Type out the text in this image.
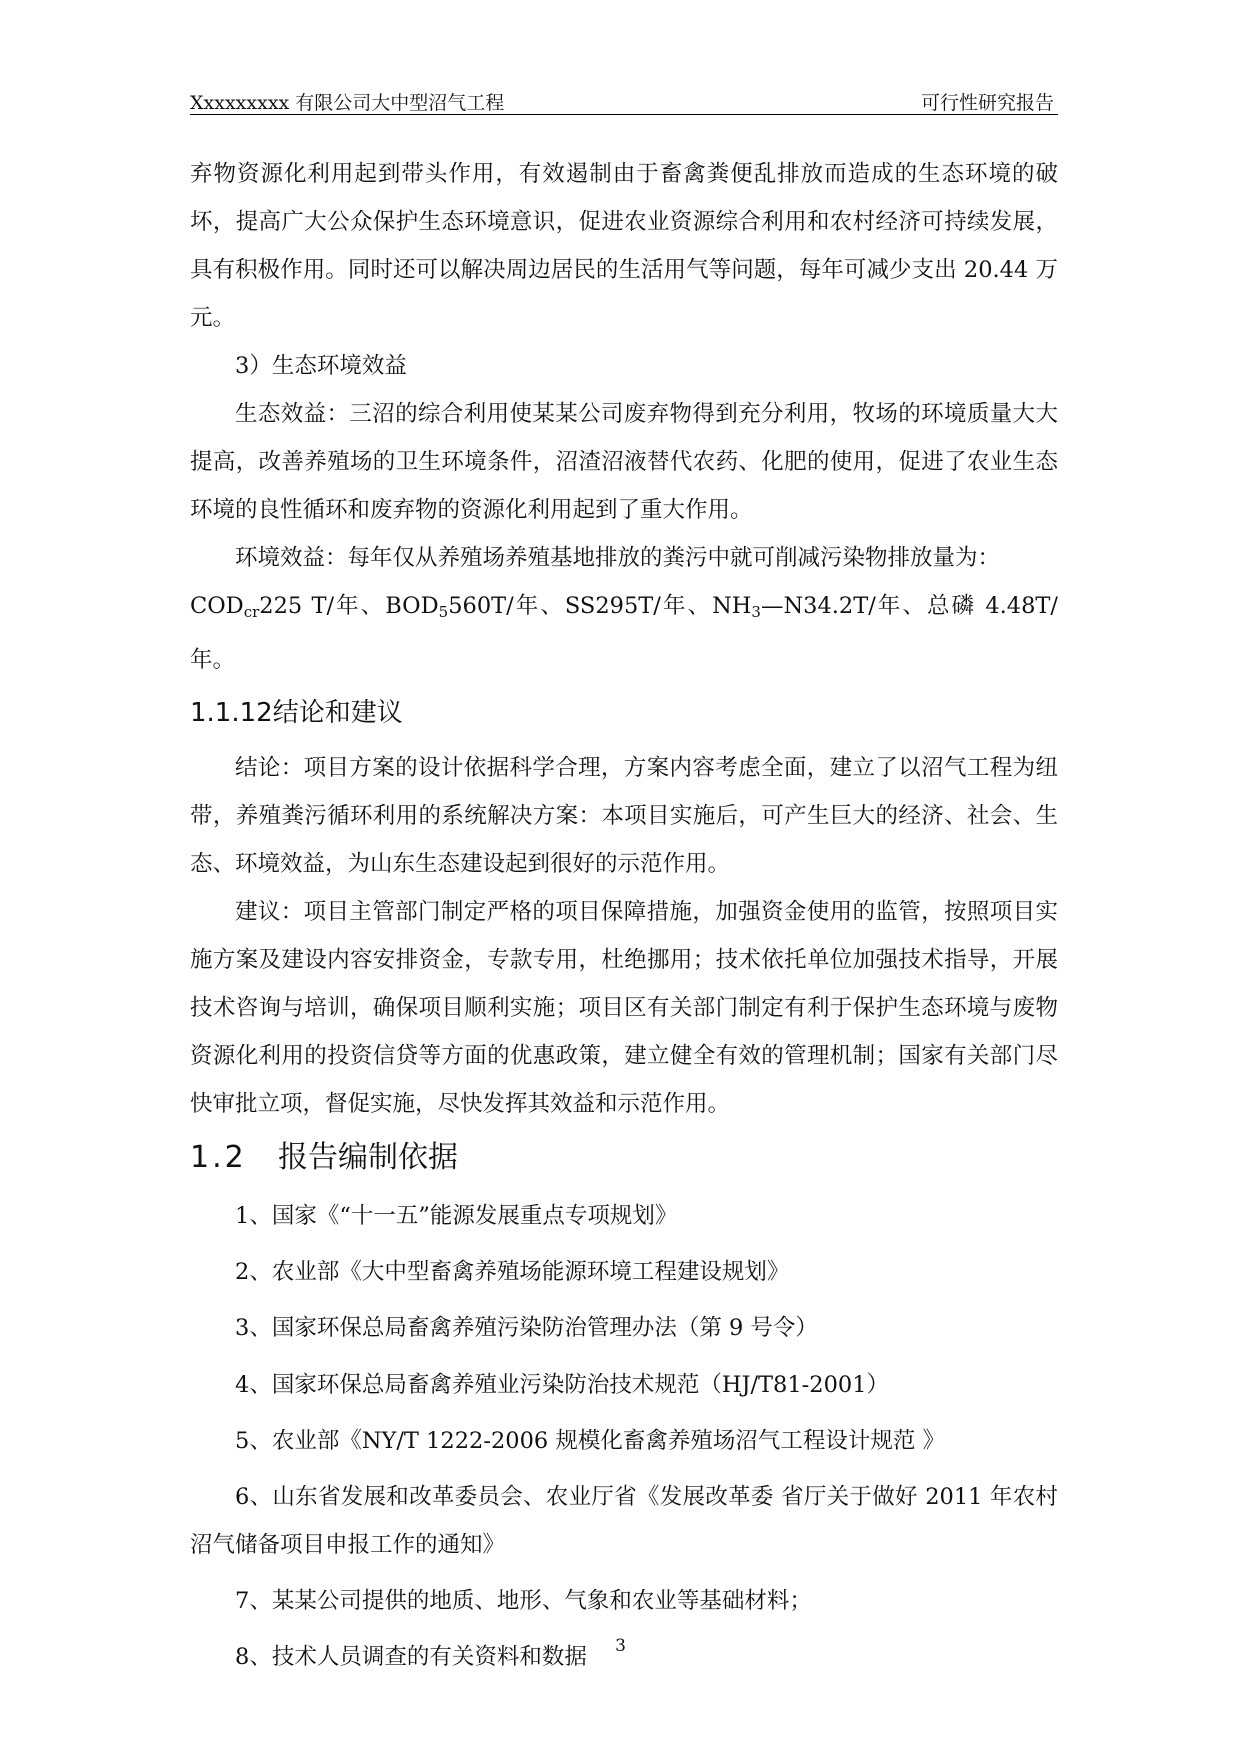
Xxxxxxxxx 有限公司大中型沼气工程	可行性研究报告

弃物资源化利用起到带头作用，有效遏制由于畜禽粪便乱排放而造成的生态环境的破坏，提高广大公众保护生态环境意识，促进农业资源综合利用和农村经济可持续发展，具有积极作用。同时还可以解决周边居民的生活用气等问题，每年可减少支出 20.44 万元。

3）生态环境效益

生态效益：三沼的综合利用使某某公司废弃物得到充分利用，牧场的环境质量大大提高，改善养殖场的卫生环境条件，沼渣沼液替代农药、化肥的使用，促进了农业生态环境的良性循环和废弃物的资源化利用起到了重大作用。

环境效益：每年仅从养殖场养殖基地排放的粪污中就可削减污染物排放量为：

$COD_{cr}225$ T/年、$BOD_5560T/$年、SS295T/年、$NH_3—N34.2T/$年、总磷 4.48T/年。

1.1.12结论和建议

结论：项目方案的设计依据科学合理，方案内容考虑全面，建立了以沼气工程为纽带，养殖粪污循环利用的系统解决方案：本项目实施后，可产生巨大的经济、社会、生态、环境效益，为山东生态建设起到很好的示范作用。

建议：项目主管部门制定严格的项目保障措施，加强资金使用的监管，按照项目实施方案及建设内容安排资金，专款专用，杜绝挪用；技术依托单位加强技术指导，开展技术咨询与培训，确保项目顺利实施；项目区有关部门制定有利于保护生态环境与废物资源化利用的投资信贷等方面的优惠政策，建立健全有效的管理机制；国家有关部门尽快审批立项，督促实施，尽快发挥其效益和示范作用。

1.2 报告编制依据

1、国家《“十一五”能源发展重点专项规划》

2、农业部《大中型畜禽养殖场能源环境工程建设规划》

3、国家环保总局畜禽养殖污染防治管理办法（第 9 号令）

4、国家环保总局畜禽养殖业污染防治技术规范（HJ/T81-2001）

5、农业部《NY/T 1222-2006 规模化畜禽养殖场沼气工程设计规范 》

6、山东省发展和改革委员会、农业厅省《发展改革委 省厅关于做好 2011 年农村沼气储备项目申报工作的通知》

7、某某公司提供的地质、地形、气象和农业等基础材料；

8、技术人员调查的有关资料和数据	3
